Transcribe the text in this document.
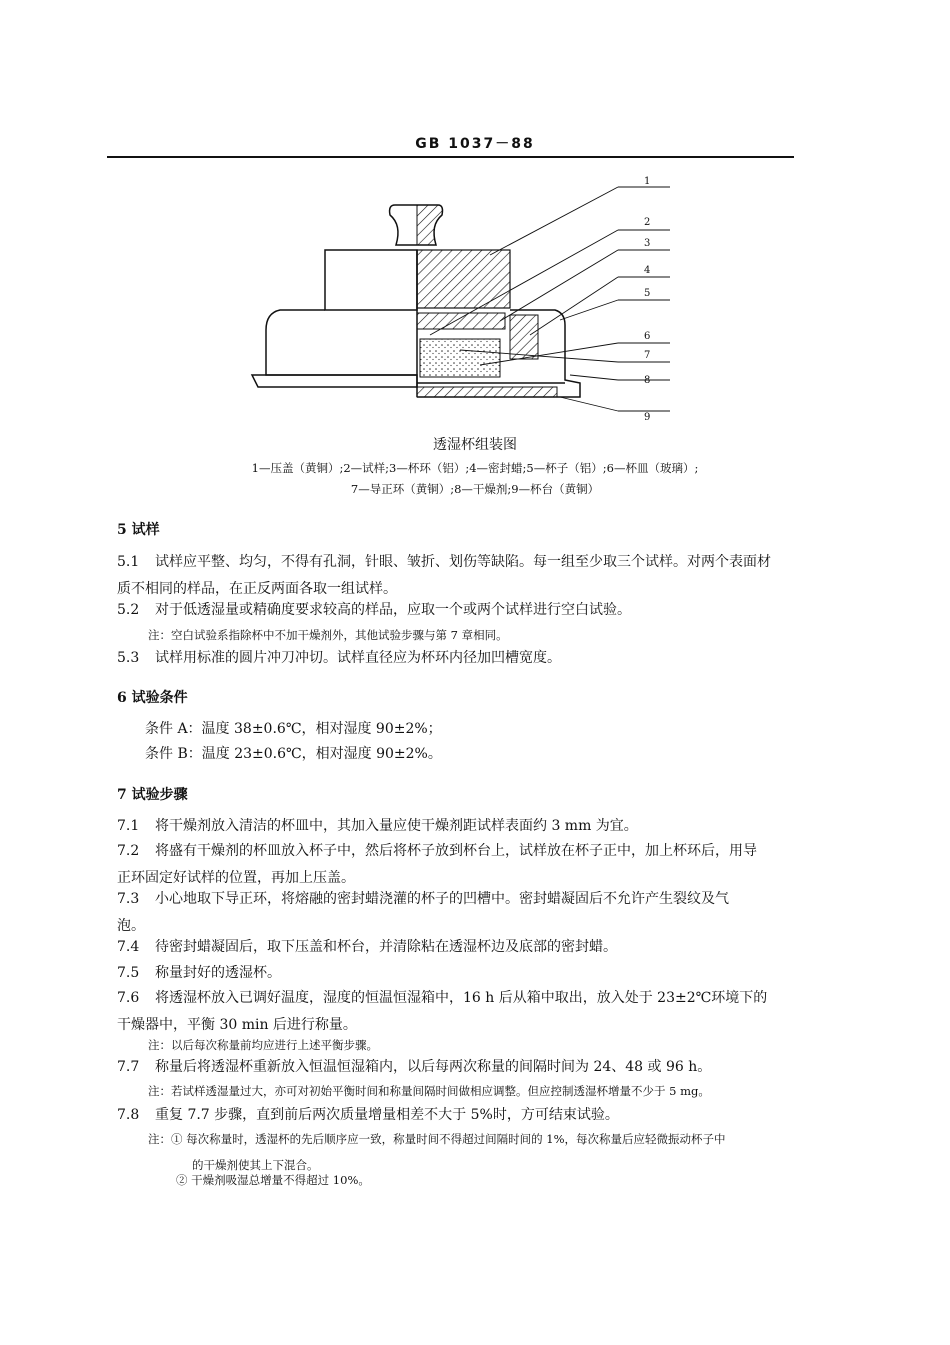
GB 1037－88
1
2
3
4
5
6
7
8
9
透湿杯组装图
1—压盖（黄铜）;2—试样;3—杯环（铝）;4—密封蜡;5—杯子（铝）;6—杯皿（玻璃）;
7—导正环（黄铜）;8—干燥剂;9—杯台（黄铜）
5 试样
5.1 试样应平整、均匀，不得有孔洞，针眼、皱折、划伤等缺陷。每一组至少取三个试样。对两个表面材
质不相同的样品，在正反两面各取一组试样。
5.2 对于低透湿量或精确度要求较高的样品，应取一个或两个试样进行空白试验。
注：空白试验系指除杯中不加干燥剂外，其他试验步骤与第 7 章相同。
5.3 试样用标准的圆片冲刀冲切。试样直径应为杯环内径加凹槽宽度。
6 试验条件
条件 A：温度 38±0.6℃，相对湿度 90±2%；
条件 B：温度 23±0.6℃，相对湿度 90±2%。
7 试验步骤
7.1 将干燥剂放入清洁的杯皿中，其加入量应使干燥剂距试样表面约 3 mm 为宜。
7.2 将盛有干燥剂的杯皿放入杯子中，然后将杯子放到杯台上，试样放在杯子正中，加上杯环后，用导
正环固定好试样的位置，再加上压盖。
7.3 小心地取下导正环，将熔融的密封蜡浇灌的杯子的凹槽中。密封蜡凝固后不允许产生裂纹及气
泡。
7.4 待密封蜡凝固后，取下压盖和杯台，并清除粘在透湿杯边及底部的密封蜡。
7.5 称量封好的透湿杯。
7.6 将透湿杯放入已调好温度，湿度的恒温恒湿箱中，16 h 后从箱中取出，放入处于 23±2℃环境下的
干燥器中，平衡 30 min 后进行称量。
注：以后每次称量前均应进行上述平衡步骤。
7.7 称量后将透湿杯重新放入恒温恒湿箱内，以后每两次称量的间隔时间为 24、48 或 96 h。
注：若试样透湿量过大，亦可对初始平衡时间和称量间隔时间做相应调整。但应控制透湿杯增量不少于 5 mg。
7.8 重复 7.7 步骤，直到前后两次质量增量相差不大于 5%时，方可结束试验。
注：① 每次称量时，透湿杯的先后顺序应一致，称量时间不得超过间隔时间的 1%，每次称量后应轻微振动杯子中
的干燥剂使其上下混合。
② 干燥剂吸湿总增量不得超过 10%。
